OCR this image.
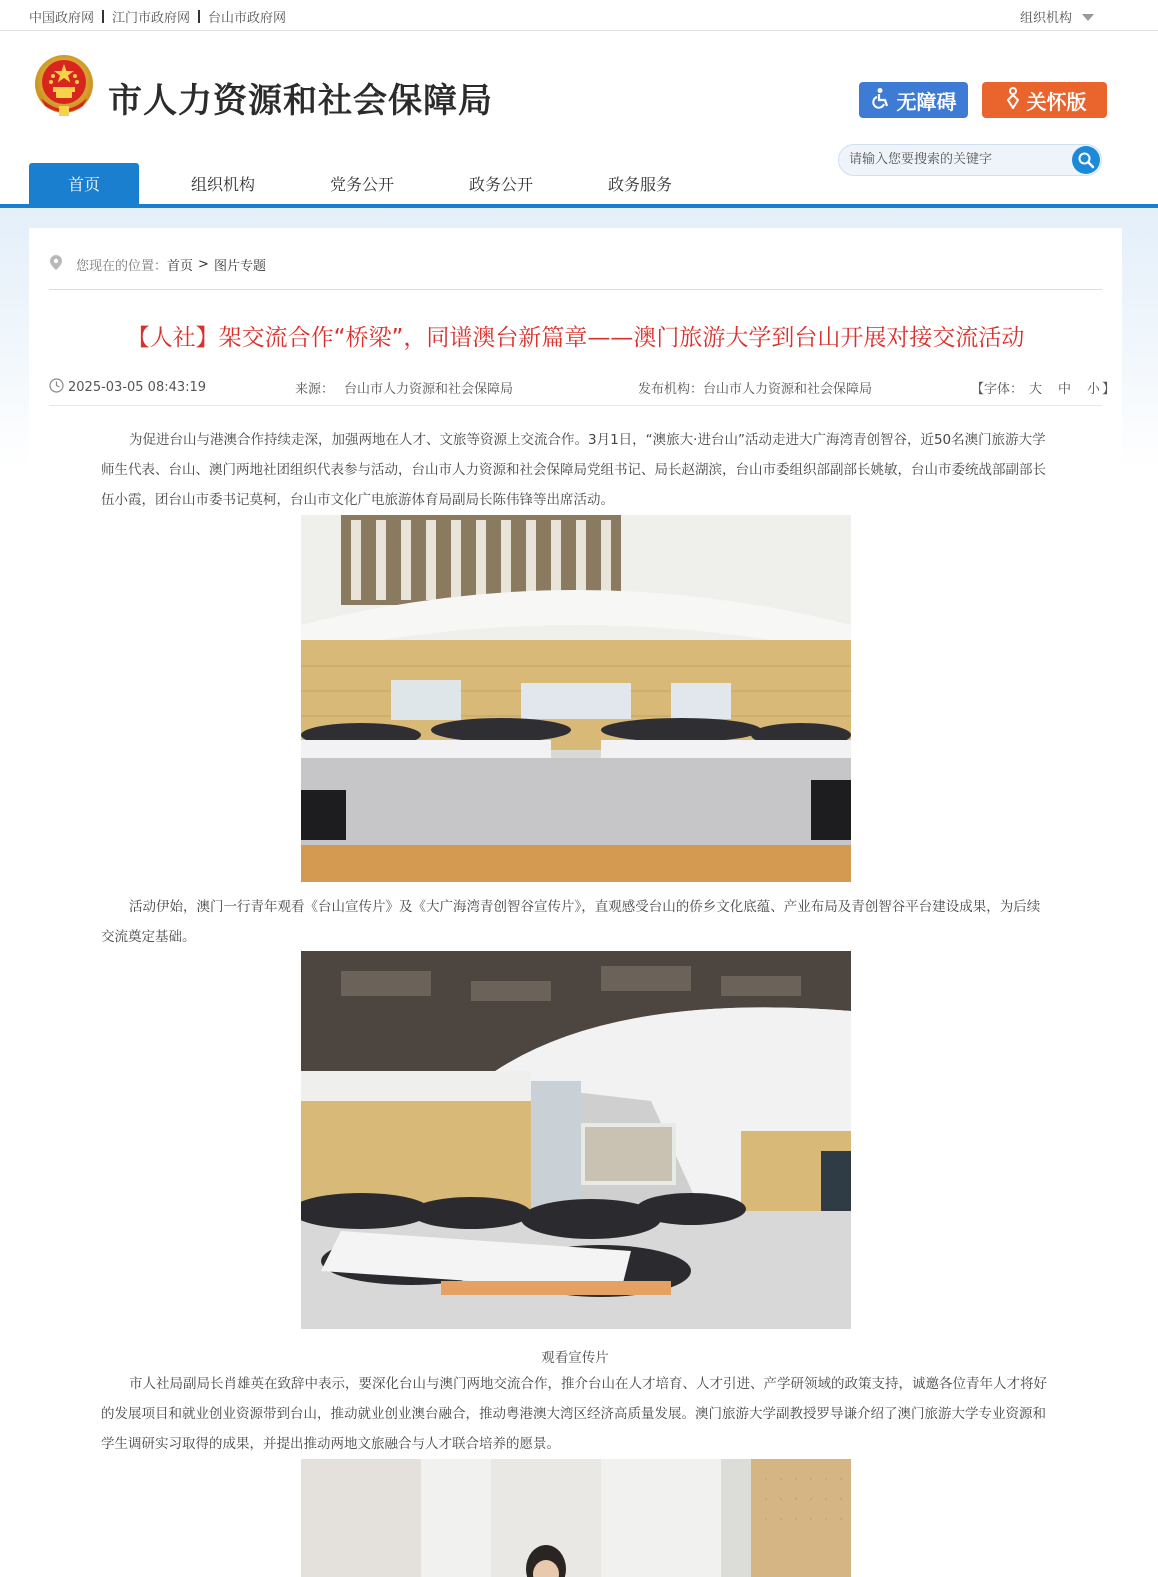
中国政府网 江门市政府网 台山市政府网	组织机构
市人力资源和社会保障局	无障碍	关怀版
请输入您要搜索的关键字
首页	组织机构	党务公开	政务公开	政务服务
您现在的位置： 首页 > 图片专题
【人社】架交流合作“桥梁”，同谱澳台新篇章——澳门旅游大学到台山开展对接交流活动
2025-03-05 08:43:19	来源： 台山市人力资源和社会保障局	发布机构： 台山市人力资源和社会保障局	【字体： 大 中 小 】

为促进台山与港澳合作持续走深，加强两地在人才、文旅等资源上交流合作。3月1日，“澳旅大·进台山”活动走进大广海湾青创智谷，近50名澳门旅游大学师生代表、台山、澳门两地社团组织代表参与活动，台山市人力资源和社会保障局党组书记、局长赵湖滨，台山市委组织部副部长姚敏，台山市委统战部副部长伍小霞，团台山市委书记莫柯，台山市文化广电旅游体育局副局长陈伟锋等出席活动。

活动伊始，澳门一行青年观看《台山宣传片》及《大广海湾青创智谷宣传片》，直观感受台山的侨乡文化底蕴、产业布局及青创智谷平台建设成果，为后续交流奠定基础。

观看宣传片

市人社局副局长肖雄英在致辞中表示，要深化台山与澳门两地交流合作，推介台山在人才培育、人才引进、产学研领域的政策支持，诚邀各位青年人才将好的发展项目和就业创业资源带到台山，推动就业创业澳台融合，推动粤港澳大湾区经济高质量发展。澳门旅游大学副教授罗导谦介绍了澳门旅游大学专业资源和学生调研实习取得的成果，并提出推动两地文旅融合与人才联合培养的愿景。
